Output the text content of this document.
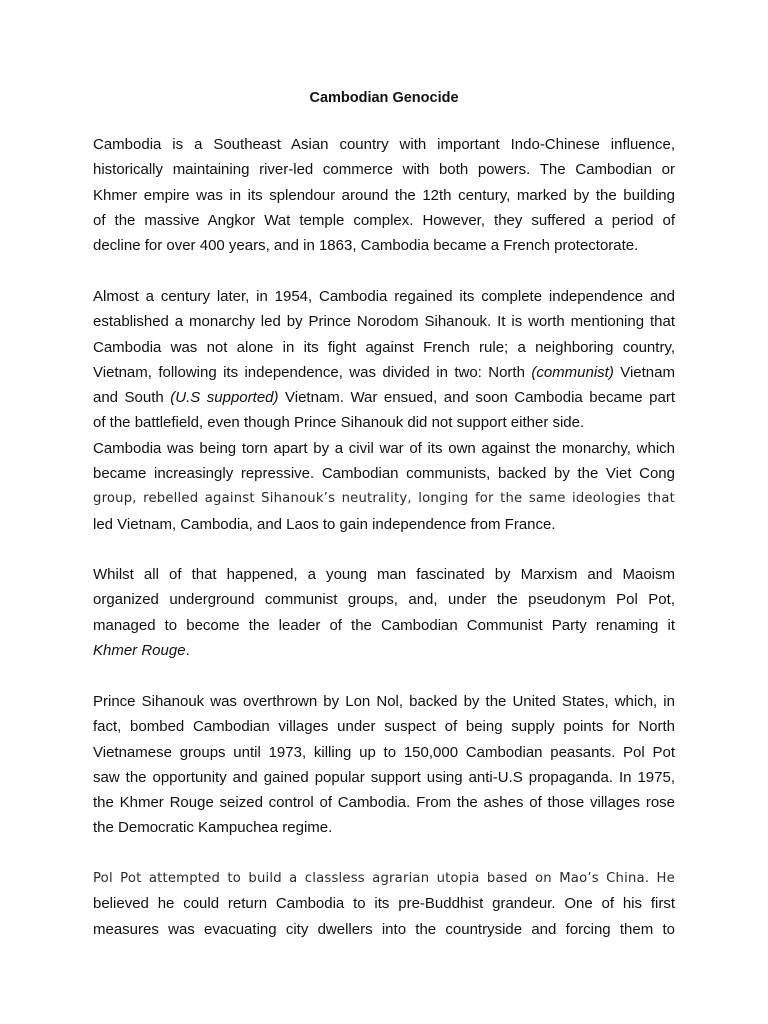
Cambodian Genocide
Cambodia is a Southeast Asian country with important Indo-Chinese influence,
historically maintaining river-led commerce with both powers. The Cambodian or
Khmer empire was in its splendour around the 12th century, marked by the building
of the massive Angkor Wat temple complex. However, they suffered a period of
decline for over 400 years, and in 1863, Cambodia became a French protectorate.
Almost a century later, in 1954, Cambodia regained its complete independence and
established a monarchy led by Prince Norodom Sihanouk. It is worth mentioning that
Cambodia was not alone in its fight against French rule; a neighboring country,
Vietnam, following its independence, was divided in two: North (communist) Vietnam
and South (U.S supported) Vietnam. War ensued, and soon Cambodia became part
of the battlefield, even though Prince Sihanouk did not support either side.
Cambodia was being torn apart by a civil war of its own against the monarchy, which
became increasingly repressive. Cambodian communists, backed by the Viet Cong
group, rebelled against Sihanouk’s neutrality, longing for the same ideologies that
led Vietnam, Cambodia, and Laos to gain independence from France.
Whilst all of that happened, a young man fascinated by Marxism and Maoism
organized underground communist groups, and, under the pseudonym Pol Pot,
managed to become the leader of the Cambodian Communist Party renaming it
Khmer Rouge.
Prince Sihanouk was overthrown by Lon Nol, backed by the United States, which, in
fact, bombed Cambodian villages under suspect of being supply points for North
Vietnamese groups until 1973, killing up to 150,000 Cambodian peasants. Pol Pot
saw the opportunity and gained popular support using anti-U.S propaganda. In 1975,
the Khmer Rouge seized control of Cambodia. From the ashes of those villages rose
the Democratic Kampuchea regime.
Pol Pot attempted to build a classless agrarian utopia based on Mao’s China. He
believed he could return Cambodia to its pre-Buddhist grandeur. One of his first
measures was evacuating city dwellers into the countryside and forcing them to
